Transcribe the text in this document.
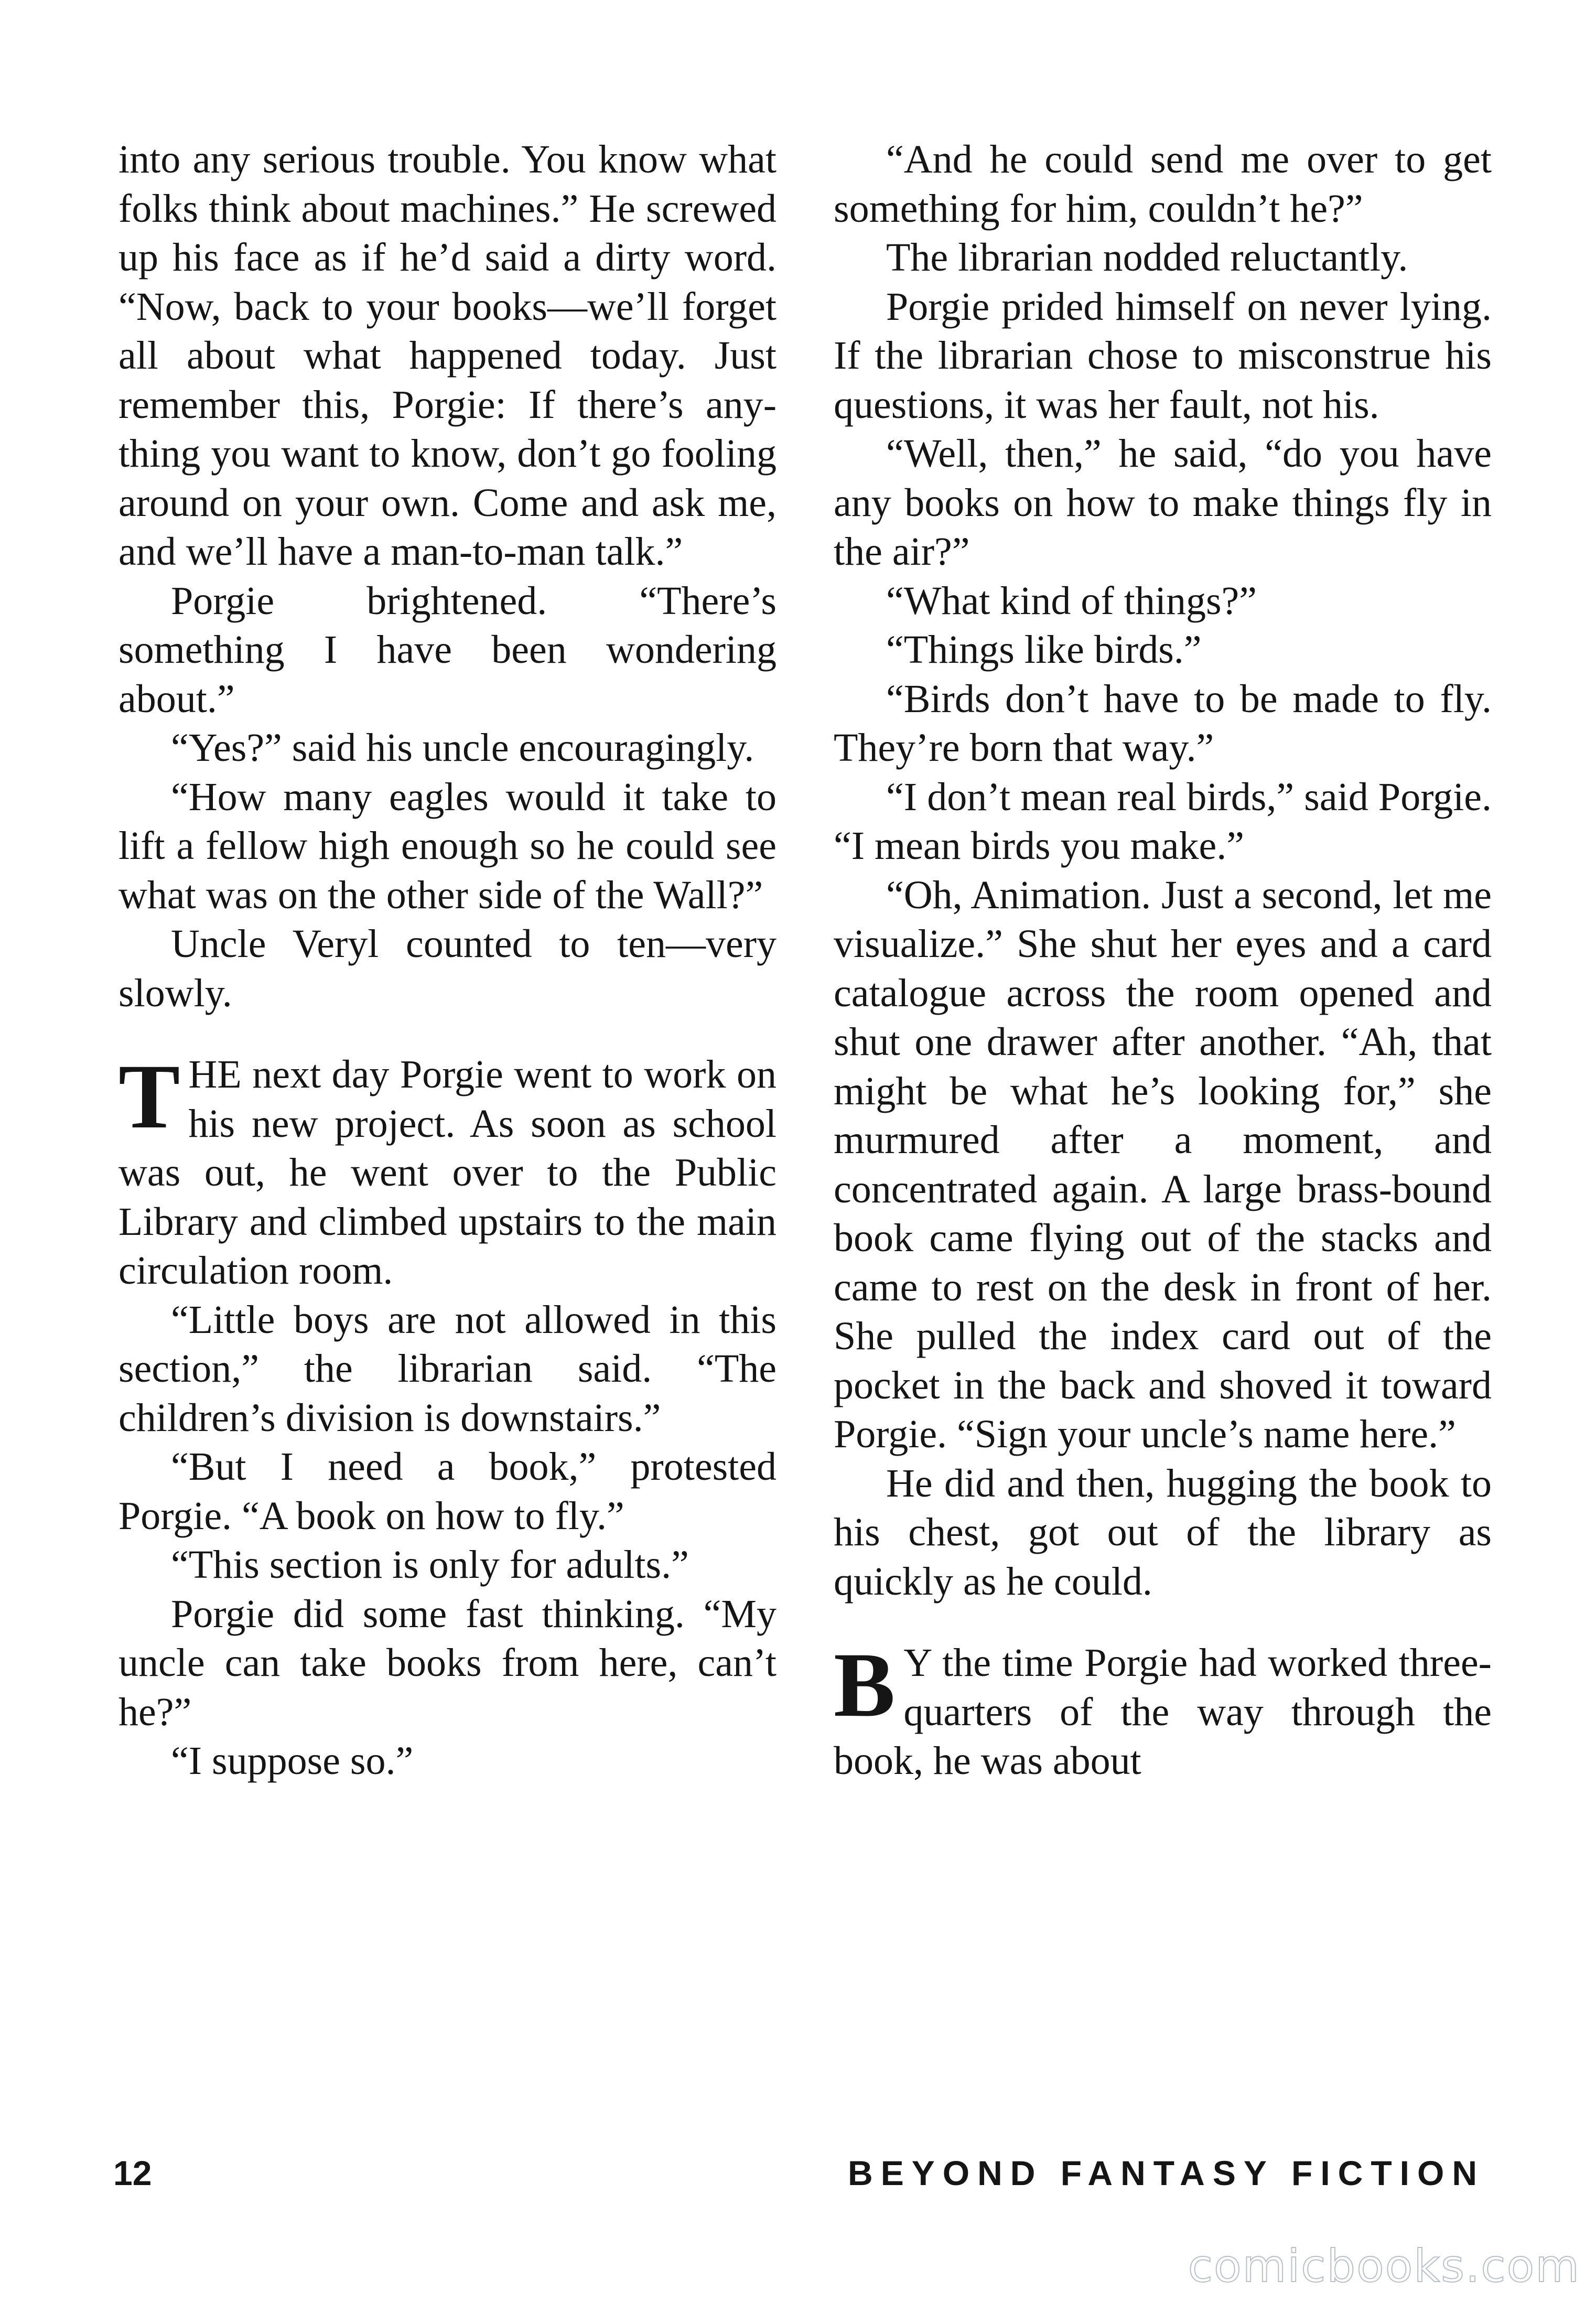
into any serious trouble. You know what folks think about machines.” He screwed up his face as if he’d said a dirty word. “Now, back to your books—we’ll forget all about what happened today. Just remember this, Porgie: If there’s anything you want to know, don’t go fooling around on your own. Come and ask me, and we’ll have a man-to-man talk.”

Porgie brightened. “There’s something I have been wondering about.”

“Yes?” said his uncle encouragingly.

“How many eagles would it take to lift a fellow high enough so he could see what was on the other side of the Wall?”

Uncle Veryl counted to ten—very slowly.

THE next day Porgie went to work on his new project. As soon as school was out, he went over to the Public Library and climbed upstairs to the main circulation room.

“Little boys are not allowed in this section,” the librarian said. “The children’s division is downstairs.”

“But I need a book,” protested Porgie. “A book on how to fly.”

“This section is only for adults.”

Porgie did some fast thinking. “My uncle can take books from here, can’t he?”

“I suppose so.”

“And he could send me over to get something for him, couldn’t he?”

The librarian nodded reluctantly.

Porgie prided himself on never lying. If the librarian chose to misconstrue his questions, it was her fault, not his.

“Well, then,” he said, “do you have any books on how to make things fly in the air?”

“What kind of things?”

“Things like birds.”

“Birds don’t have to be made to fly. They’re born that way.”

“I don’t mean real birds,” said Porgie. “I mean birds you make.”

“Oh, Animation. Just a second, let me visualize.” She shut her eyes and a card catalogue across the room opened and shut one drawer after another. “Ah, that might be what he’s looking for,” she murmured after a moment, and concentrated again. A large brass-bound book came flying out of the stacks and came to rest on the desk in front of her. She pulled the index card out of the pocket in the back and shoved it toward Porgie. “Sign your uncle’s name here.”

He did and then, hugging the book to his chest, got out of the library as quickly as he could.

B Y the time Porgie had worked three-quarters of the way through the book, he was about

12	BEYOND FANTASY FICTION
comicbooks.com
